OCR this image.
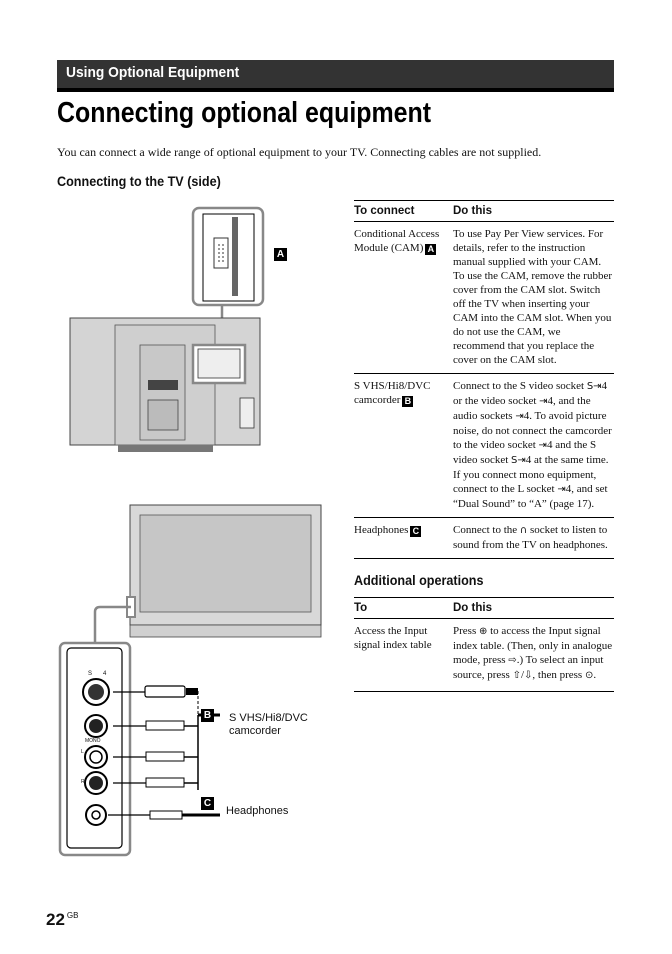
Using Optional Equipment
Connecting optional equipment
You can connect a wide range of optional equipment to your TV. Connecting cables are not supplied.
Connecting to the TV (side)
A
B
C
S VHS/Hi8/DVC camcorder
Headphones
S 4
MONO
L
R
To connect	Do this
Conditional Access Module (CAM) A
To use Pay Per View services. For details, refer to the instruction manual supplied with your CAM. To use the CAM, remove the rubber cover from the CAM slot. Switch off the TV when inserting your CAM into the CAM slot. When you do not use the CAM, we recommend that you replace the cover on the CAM slot.
S VHS/Hi8/DVC camcorder B
Connect to the S video socket S⇥4 or the video socket ⇥4, and the audio sockets ⇥4. To avoid picture noise, do not connect the camcorder to the video socket ⇥4 and the S video socket S⇥4 at the same time. If you connect mono equipment, connect to the L socket ⇥4, and set “Dual Sound” to “A” (page 17).
Headphones C	Connect to the ∩ socket to listen to sound from the TV on headphones.
Additional operations
To	Do this
Access the Input signal index table
Press ⊕ to access the Input signal index table. (Then, only in analogue mode, press ⇨.) To select an input source, press ⇧/⇩, then press ⊙.
22 $^{GB}$
